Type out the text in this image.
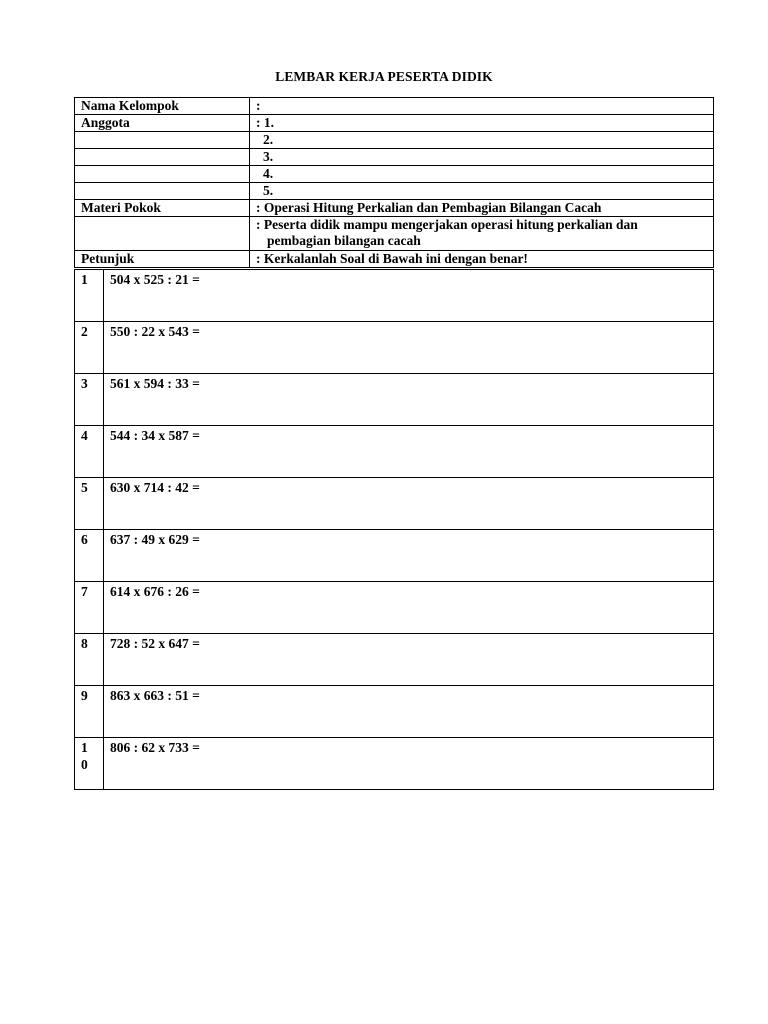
LEMBAR KERJA PESERTA DIDIK
Nama Kelompok	:
Anggota	: 1.
	2.
	3.
	4.
	5.
Materi Pokok	: Operasi Hitung Perkalian dan Pembagian Bilangan Cacah
	: Peserta didik mampu mengerjakan operasi hitung perkalian dan
pembagian bilangan cacah

Petunjuk	: Kerkalanlah Soal di Bawah ini dengan benar!
1	504 x 525 : 21 =

2	550 : 22 x 543 =

3	561 x 594 : 33 =

4	544 : 34 x 587 =

5	630 x 714 : 42 =

6	637 : 49 x 629 =

7	614 x 676 : 26 =

8	728 : 52 x 647 =

9	863 x 663 : 51 =

10	806 : 62 x 733 =
